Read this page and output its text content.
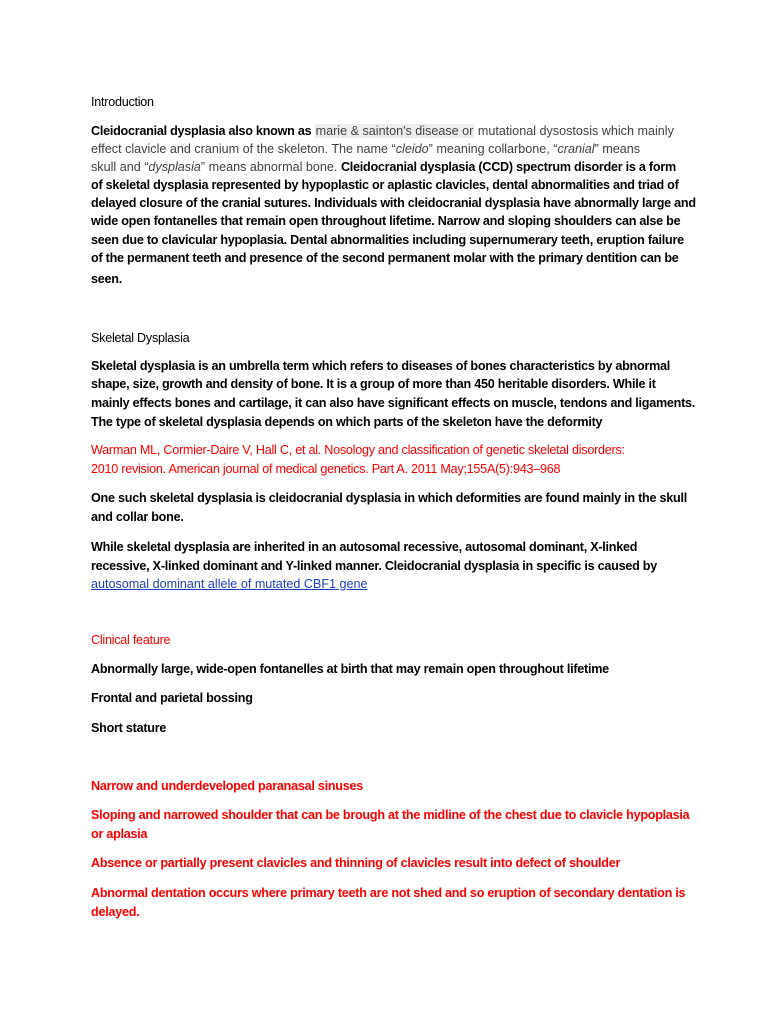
Introduction
Cleidocranial dysplasia also known as marie & sainton's disease or mutational dysostosis which mainly
effect clavicle and cranium of the skeleton. The name “cleido” meaning collarbone, “cranial” means
skull and “dysplasia” means abnormal bone. Cleidocranial dysplasia (CCD) spectrum disorder is a form
of skeletal dysplasia represented by hypoplastic or aplastic clavicles, dental abnormalities and triad of
delayed closure of the cranial sutures. Individuals with cleidocranial dysplasia have abnormally large and
wide open fontanelles that remain open throughout lifetime. Narrow and sloping shoulders can alse be
seen due to clavicular hypoplasia. Dental abnormalities including supernumerary teeth, eruption failure
of the permanent teeth and presence of the second permanent molar with the primary dentition can be
seen.
Skeletal Dysplasia
Skeletal dysplasia is an umbrella term which refers to diseases of bones characteristics by abnormal
shape, size, growth and density of bone. It is a group of more than 450 heritable disorders. While it
mainly effects bones and cartilage, it can also have significant effects on muscle, tendons and ligaments.
The type of skeletal dysplasia depends on which parts of the skeleton have the deformity
Warman ML, Cormier-Daire V, Hall C, et al. Nosology and classification of genetic skeletal disorders:
2010 revision. American journal of medical genetics. Part A. 2011 May;155A(5):943–968
One such skeletal dysplasia is cleidocranial dysplasia in which deformities are found mainly in the skull
and collar bone.
While skeletal dysplasia are inherited in an autosomal recessive, autosomal dominant, X-linked
recessive, X-linked dominant and Y-linked manner. Cleidocranial dysplasia in specific is caused by
autosomal dominant allele of mutated CBF1 gene
Clinical feature
Abnormally large, wide-open fontanelles at birth that may remain open throughout lifetime
Frontal and parietal bossing
Short stature
Narrow and underdeveloped paranasal sinuses
Sloping and narrowed shoulder that can be brough at the midline of the chest due to clavicle hypoplasia
or aplasia
Absence or partially present clavicles and thinning of clavicles result into defect of shoulder
Abnormal dentation occurs where primary teeth are not shed and so eruption of secondary dentation is
delayed.
